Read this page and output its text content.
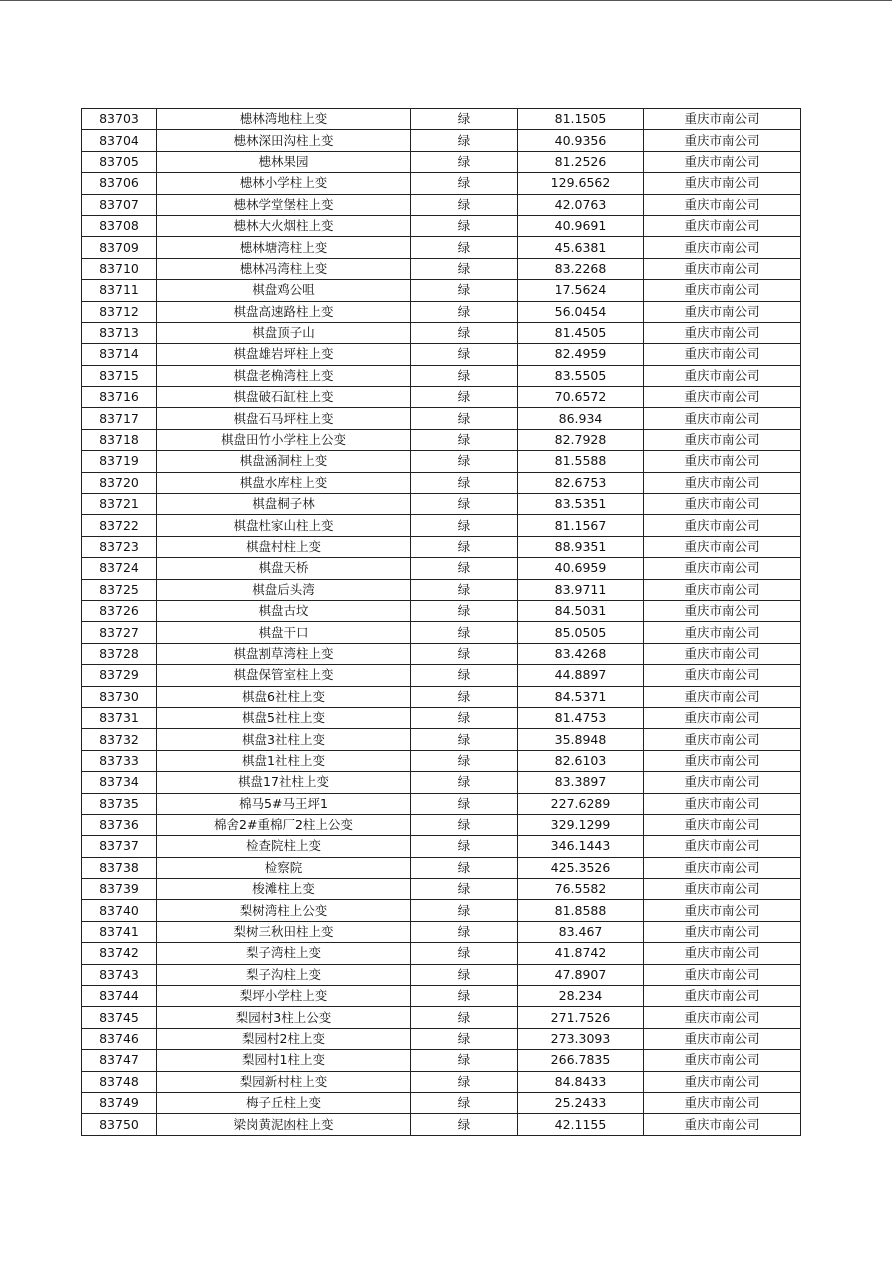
83703	槵林湾地柱上变	绿	81.1505	重庆市南公司
83704	槵林深田沟柱上变	绿	40.9356	重庆市南公司
83705	槵林果园	绿	81.2526	重庆市南公司
83706	槵林小学柱上变	绿	129.6562	重庆市南公司
83707	槵林学堂堡柱上变	绿	42.0763	重庆市南公司
83708	槵林大火烟柱上变	绿	40.9691	重庆市南公司
83709	槵林塘湾柱上变	绿	45.6381	重庆市南公司
83710	槵林冯湾柱上变	绿	83.2268	重庆市南公司
83711	棋盘鸡公咀	绿	17.5624	重庆市南公司
83712	棋盘高速路柱上变	绿	56.0454	重庆市南公司
83713	棋盘顶子山	绿	81.4505	重庆市南公司
83714	棋盘雄岩坪柱上变	绿	82.4959	重庆市南公司
83715	棋盘老桷湾柱上变	绿	83.5505	重庆市南公司
83716	棋盘破石缸柱上变	绿	70.6572	重庆市南公司
83717	棋盘石马坪柱上变	绿	86.934	重庆市南公司
83718	棋盘田竹小学柱上公变	绿	82.7928	重庆市南公司
83719	棋盘涵洞柱上变	绿	81.5588	重庆市南公司
83720	棋盘水库柱上变	绿	82.6753	重庆市南公司
83721	棋盘桐子林	绿	83.5351	重庆市南公司
83722	棋盘杜家山柱上变	绿	81.1567	重庆市南公司
83723	棋盘村柱上变	绿	88.9351	重庆市南公司
83724	棋盘天桥	绿	40.6959	重庆市南公司
83725	棋盘后头湾	绿	83.9711	重庆市南公司
83726	棋盘古坟	绿	84.5031	重庆市南公司
83727	棋盘干口	绿	85.0505	重庆市南公司
83728	棋盘割草湾柱上变	绿	83.4268	重庆市南公司
83729	棋盘保管室柱上变	绿	44.8897	重庆市南公司
83730	棋盘6社柱上变	绿	84.5371	重庆市南公司
83731	棋盘5社柱上变	绿	81.4753	重庆市南公司
83732	棋盘3社柱上变	绿	35.8948	重庆市南公司
83733	棋盘1社柱上变	绿	82.6103	重庆市南公司
83734	棋盘17社柱上变	绿	83.3897	重庆市南公司
83735	棉马5#马王坪1	绿	227.6289	重庆市南公司
83736	棉舍2#重棉厂2柱上公变	绿	329.1299	重庆市南公司
83737	检查院柱上变	绿	346.1443	重庆市南公司
83738	检察院	绿	425.3526	重庆市南公司
83739	梭滩柱上变	绿	76.5582	重庆市南公司
83740	梨树湾柱上公变	绿	81.8588	重庆市南公司
83741	梨树三秋田柱上变	绿	83.467	重庆市南公司
83742	梨子湾柱上变	绿	41.8742	重庆市南公司
83743	梨子沟柱上变	绿	47.8907	重庆市南公司
83744	梨坪小学柱上变	绿	28.234	重庆市南公司
83745	梨园村3柱上公变	绿	271.7526	重庆市南公司
83746	梨园村2柱上变	绿	273.3093	重庆市南公司
83747	梨园村1柱上变	绿	266.7835	重庆市南公司
83748	梨园新村柱上变	绿	84.8433	重庆市南公司
83749	梅子丘柱上变	绿	25.2433	重庆市南公司
83750	梁岗黄泥凼柱上变	绿	42.1155	重庆市南公司
